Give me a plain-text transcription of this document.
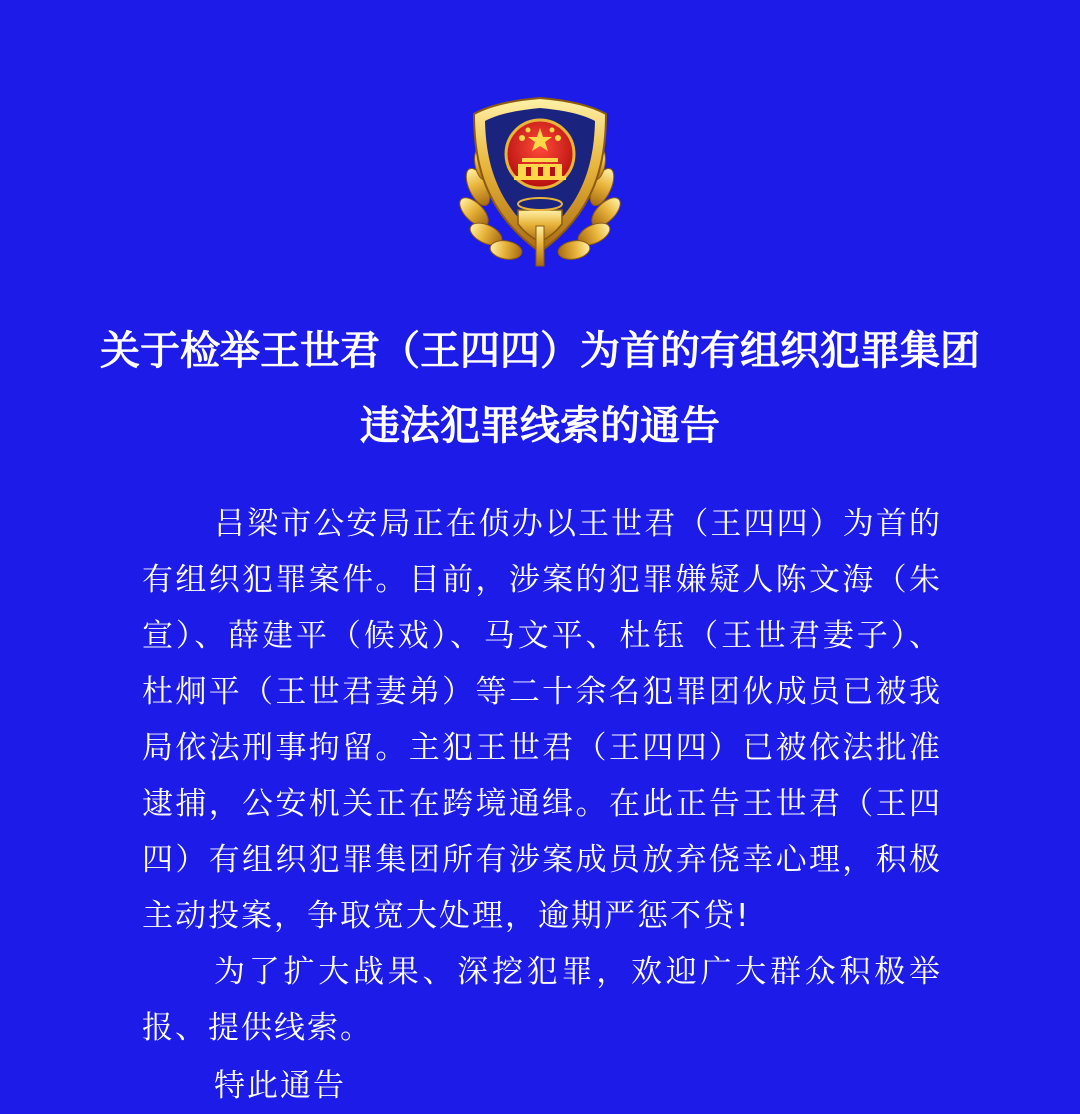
关于检举王世君（王四四）为首的有组织犯罪集团
违法犯罪线索的通告

吕梁市公安局正在侦办以王世君（王四四）为首的有组织犯罪案件。目前，涉案的犯罪嫌疑人陈文海（朱宣）、薛建平（候戏）、马文平、杜钰（王世君妻子）、杜炯平（王世君妻弟）等二十余名犯罪团伙成员已被我局依法刑事拘留。主犯王世君（王四四）已被依法批准逮捕，公安机关正在跨境通缉。在此正告王世君（王四四）有组织犯罪集团所有涉案成员放弃侥幸心理，积极主动投案，争取宽大处理，逾期严惩不贷!

为了扩大战果、深挖犯罪，欢迎广大群众积极举报、提供线索。

特此通告
